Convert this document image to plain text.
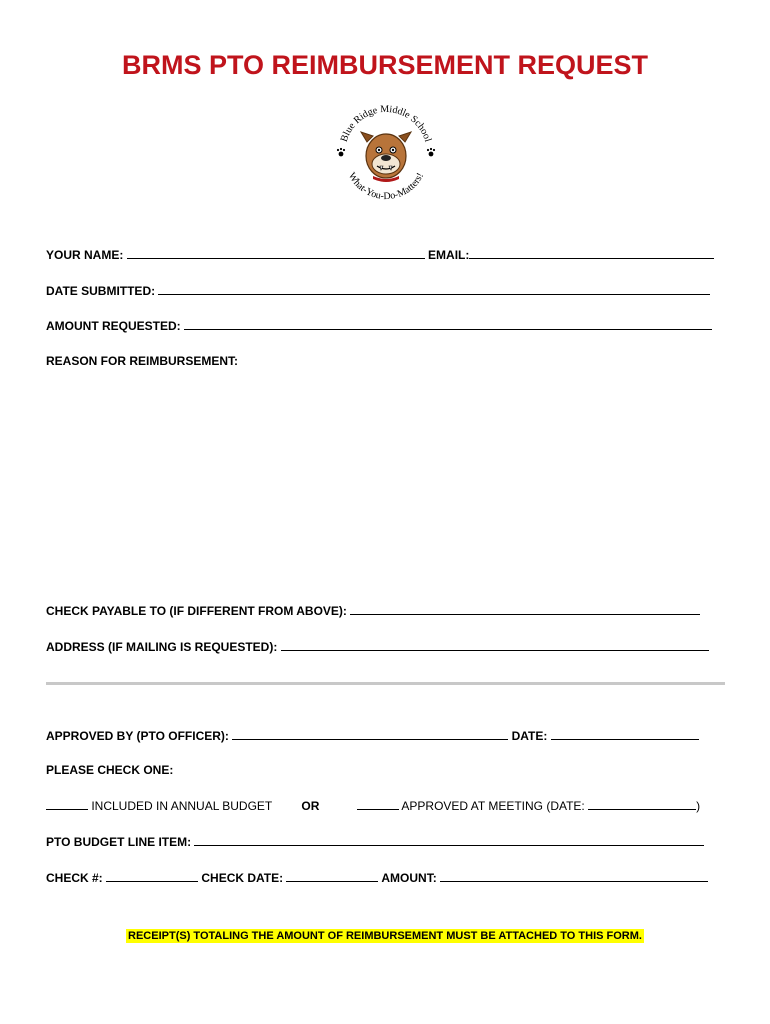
BRMS PTO REIMBURSEMENT REQUEST
Blue Ridge Middle School
What-You-Do-Matters!
YOUR NAME:	EMAIL:
DATE SUBMITTED:
AMOUNT REQUESTED:
REASON FOR REIMBURSEMENT:
CHECK PAYABLE TO (IF DIFFERENT FROM ABOVE):
ADDRESS (IF MAILING IS REQUESTED):
APPROVED BY (PTO OFFICER):	DATE:
PLEASE CHECK ONE:
INCLUDED IN ANNUAL BUDGET OR	APPROVED AT MEETING (DATE:	)
PTO BUDGET LINE ITEM:
CHECK #:	CHECK DATE:	AMOUNT:
RECEIPT(S) TOTALING THE AMOUNT OF REIMBURSEMENT MUST BE ATTACHED TO THIS FORM.
